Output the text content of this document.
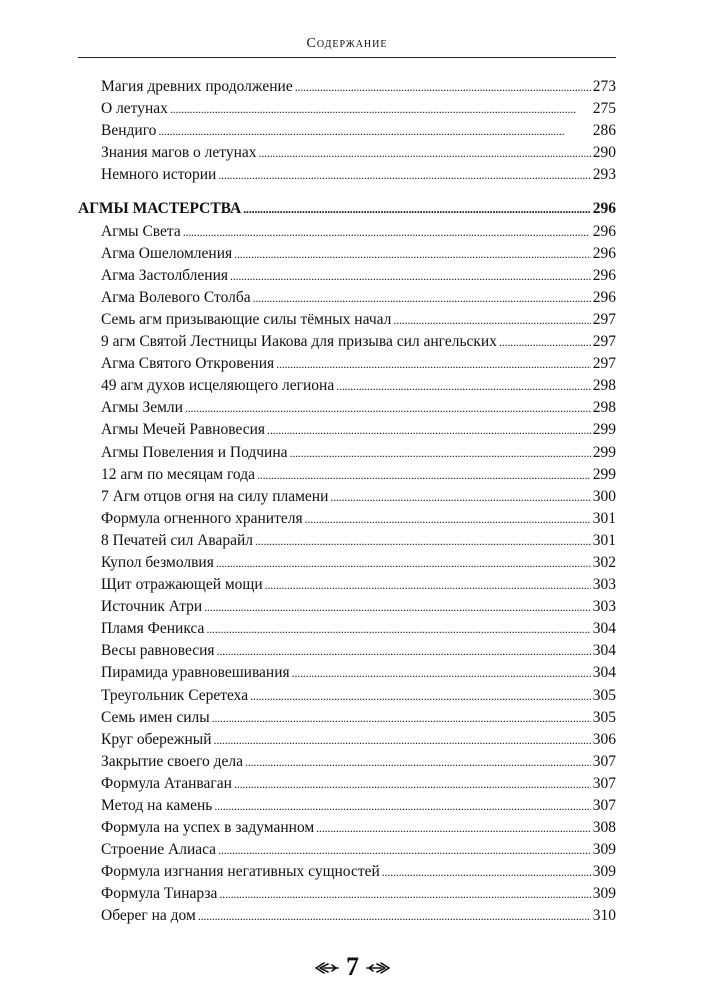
Содержание
Магия древних продолжение . . .	273
О летунах . . .	275
Вендиго . . .	286
Знания магов о летунах . . .	290
Немного истории . . .	293
АГМЫ МАСТЕРСТВА . . .	296
Агмы Света . . .	296
Агма Ошеломления . . .	296
Агма Застолбления . . .	296
Агма Волевого Столба . . .	296
Семь агм призывающие силы тёмных начал . . .	297
9 агм Святой Лестницы Иакова для призыва сил ангельских . . .	297
Агма Святого Откровения . . .	297
49 агм духов исцеляющего легиона . . .	298
Агмы Земли . . .	298
Агмы Мечей Равновесия . . .	299
Агмы Повеления и Подчина . . .	299
12 агм по месяцам года . . .	299
7 Агм отцов огня на силу пламени . . .	300
Формула огненного хранителя . . .	301
8 Печатей сил Аварайл . . .	301
Купол безмолвия . . .	302
Щит отражающей мощи . . .	303
Источник Атри . . .	303
Пламя Феникса . . .	304
Весы равновесия . . .	304
Пирамида уравновешивания . . .	304
Треугольник Серетеха . . .	305
Семь имен силы . . .	305
Круг обережный . . .	306
Закрытие своего дела . . .	307
Формула Атанваган . . .	307
Метод на камень . . .	307
Формула на успех в задуманном . . .	308
Строение Алиаса . . .	309
Формула изгнания негативных сущностей . . .	309
Формула Тинарза . . .	309
Оберег на дом . . .	310
7
